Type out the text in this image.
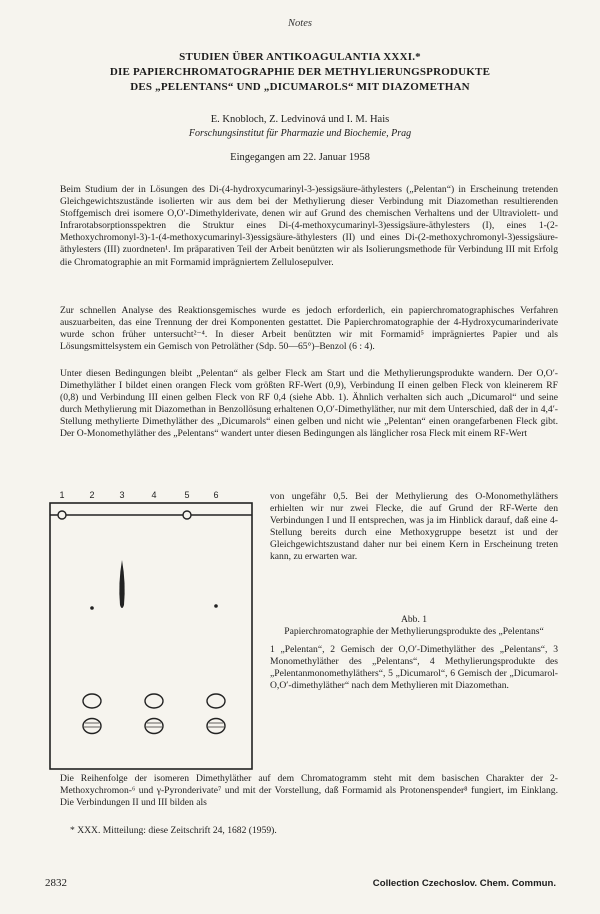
Notes
STUDIEN ÜBER ANTIKOAGULANTIA XXXI.*
DIE PAPIERCHROMATOGRAPHIE DER METHYLIERUNGSPRODUKTE
DES „PELENTANS“ UND „DICUMAROLS“ MIT DIAZOMETHAN
E. Knobloch, Z. Ledvinová und I. M. Hais
Forschungsinstitut für Pharmazie und Biochemie, Prag
Eingegangen am 22. Januar 1958

Beim Studium der in Lösungen des Di-(4-hydroxycumarinyl-3-)essigsäure-äthylesters („Pelentan“) in Erscheinung tretenden Gleichgewichtszustände isolierten wir aus dem bei der Methylierung dieser Verbindung mit Diazomethan resultierenden Stoffgemisch drei isomere O,O′-Dimethylderivate, denen wir auf Grund des chemischen Verhaltens und der Ultraviolett- und Infrarotabsorptionsspektren die Struktur eines Di-(4-methoxycumarinyl-3)essigsäure-äthylesters (I), eines 1-(2-Methoxychromonyl-3)-1-(4-methoxycumarinyl-3)essigsäure-äthylesters (II) und eines Di-(2-methoxychromonyl-3)essigsäure-äthylesters (III) zuordneten¹. Im präparativen Teil der Arbeit benützten wir als Isolierungsmethode für Verbindung III mit Erfolg die Chromatographie an mit Formamid imprägniertem Zellulosepulver.

Zur schnellen Analyse des Reaktionsgemisches wurde es jedoch erforderlich, ein papierchromatographisches Verfahren auszuarbeiten, das eine Trennung der drei Komponenten gestattet. Die Papierchromatographie der 4-Hydroxycumarinderivate wurde schon früher untersucht²⁻⁴. In dieser Arbeit benützten wir mit Formamid⁵ imprägniertes Papier und als Lösungsmittelsystem ein Gemisch von Petroläther (Sdp. 50—65°)–Benzol (6 : 4).

Unter diesen Bedingungen bleibt „Pelentan“ als gelber Fleck am Start und die Methylierungsprodukte wandern. Der O,O′-Dimethyläther I bildet einen orangen Fleck vom größten RF-Wert (0,9), Verbindung II einen gelben Fleck von kleinerem RF (0,8) und Verbindung III einen gelben Fleck von RF 0,4 (siehe Abb. 1). Ähnlich verhalten sich auch „Dicumarol“ und seine durch Methylierung mit Diazomethan in Benzollösung erhaltenen O,O′-Dimethyläther, nur mit dem Unterschied, daß der in 4,4′-Stellung methylierte Dimethyläther des „Dicumarols“ einen gelben und nicht wie „Pelentan“ einen orangefarbenen Fleck gibt. Der O-Monomethyläther des „Pelentans“ wandert unter diesen Bedingungen als länglicher rosa Fleck mit einem RF-Wert

1	2	3	4	5	6	von ungefähr 0,5. Bei der Methylierung des O-Monomethyläthers erhielten wir nur zwei Flecke, die auf Grund der RF-Werte den Verbindungen I und II entsprechen, was ja im Hinblick darauf, daß eine 4-Stellung bereits durch eine Methoxygruppe besetzt ist und der Gleichgewichtszustand daher nur bei einem Kern in Erscheinung treten kann, zu erwarten war.

Abb. 1
Papierchromatographie der Methylierungsprodukte des „Pelentans“
1 „Pelentan“, 2 Gemisch der O,O′-Dimethyläther des „Pelentans“, 3 Monomethyläther des „Pelentans“, 4 Methylierungsprodukte des „Pelentanmonomethyläthers“, 5 „Dicumarol“, 6 Gemisch der „Dicumarol-O,O′-dimethyläther“ nach dem Methylieren mit Diazomethan.

Die Reihenfolge der isomeren Dimethyläther auf dem Chromatogramm steht mit dem basischen Charakter der 2-Methoxychromon-⁶ und γ-Pyronderivate⁷ und mit der Vorstellung, daß Formamid als Protonenspender⁸ fungiert, im Einklang. Die Verbindungen II und III bilden als

* XXX. Mitteilung: diese Zeitschrift 24, 1682 (1959).
2832	Collection Czechoslov. Chem. Commun.
